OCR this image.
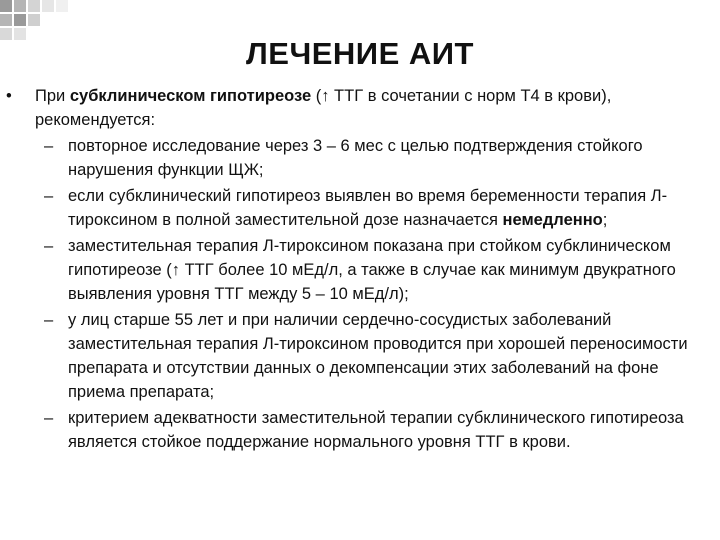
ЛЕЧЕНИЕ АИТ
•	При субклиническом гипотиреозе (↑ ТТГ в сочетании с норм Т4 в крови), рекомендуется:
– повторное исследование через 3 – 6 мес с целью подтверждения стойкого нарушения функции ЩЖ;
– если субклинический гипотиреоз выявлен во время беременности терапия Л-тироксином в полной заместительной дозе назначается немедленно;
– заместительная терапия Л-тироксином показана при стойком субклиническом гипотиреозе (↑ ТТГ более 10 мЕд/л, а также в случае как минимум двукратного выявления уровня ТТГ между 5 – 10 мЕд/л);
– у лиц старше 55 лет и при наличии сердечно-сосудистых заболеваний заместительная терапия Л-тироксином проводится при хорошей переносимости препарата и отсутствии данных о декомпенсации этих заболеваний на фоне приема препарата;
– критерием адекватности заместительной терапии субклинического гипотиреоза является стойкое поддержание нормального уровня ТТГ в крови.
